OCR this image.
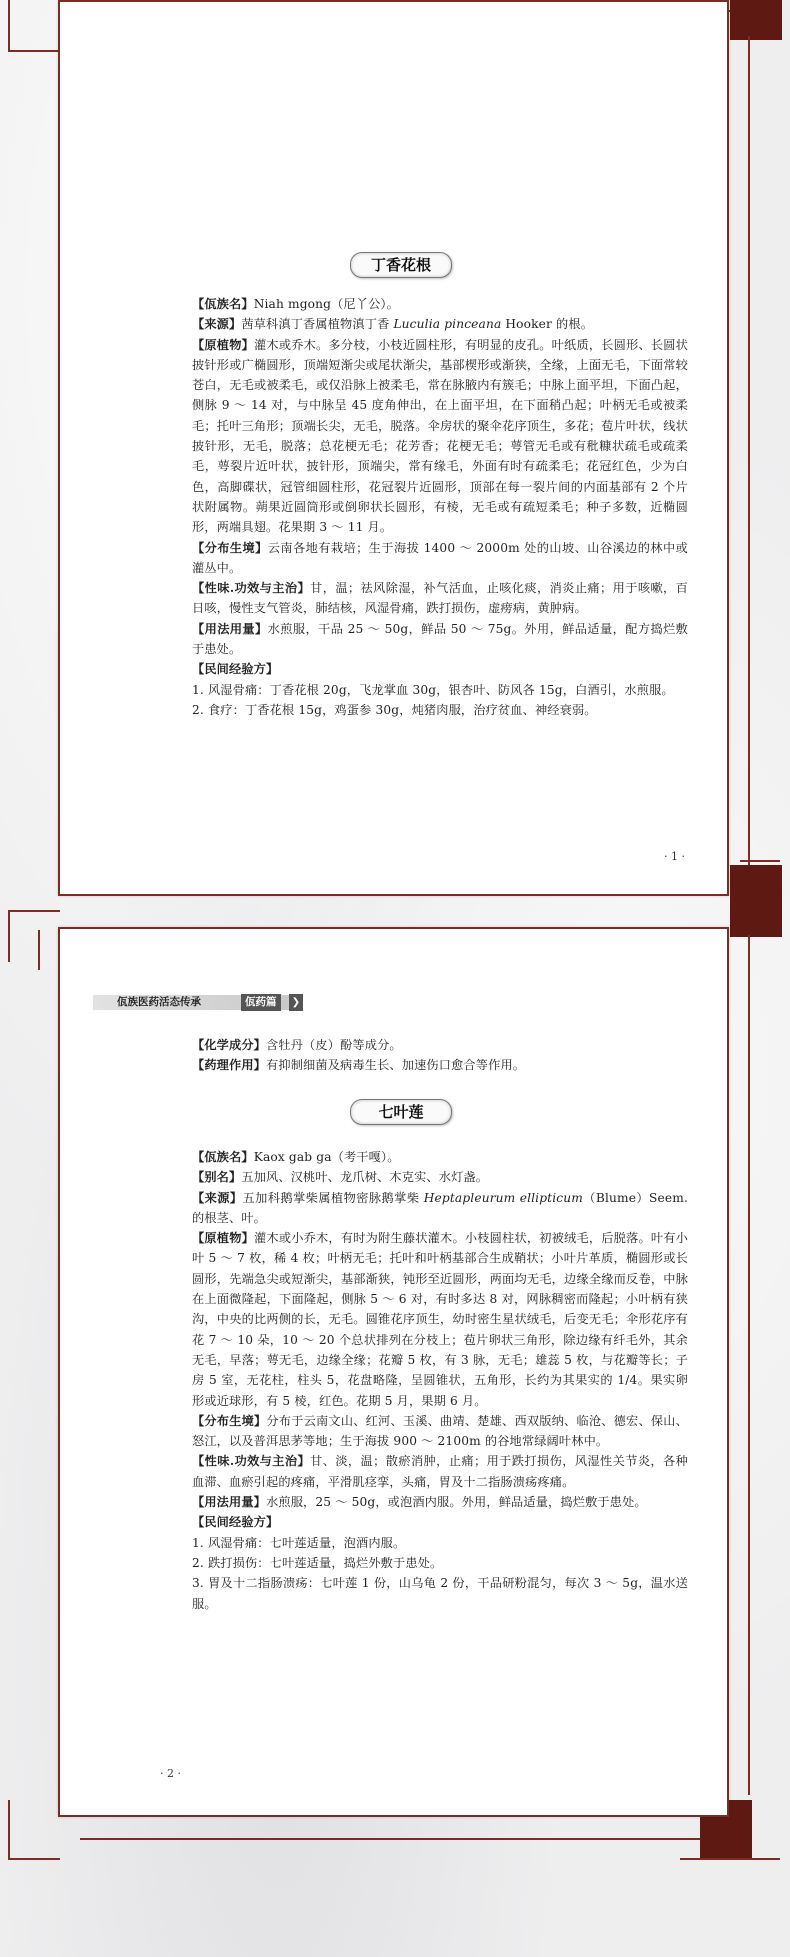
丁香花根

【佤族名】Niah mgong（尼丫公）。

【来源】茜草科滇丁香属植物滇丁香 Luculia pinceana Hooker 的根。

【原植物】灌木或乔木。多分枝，小枝近圆柱形，有明显的皮孔。叶纸质，长圆形、长圆状披针形或广椭圆形，顶端短渐尖或尾状渐尖，基部楔形或渐狭，全缘，上面无毛，下面常较苍白，无毛或被柔毛，或仅沿脉上被柔毛，常在脉腋内有簇毛；中脉上面平坦，下面凸起，侧脉 9 ～ 14 对，与中脉呈 45 度角伸出，在上面平坦，在下面稍凸起；叶柄无毛或被柔毛；托叶三角形；顶端长尖，无毛，脱落。伞房状的聚伞花序顶生，多花；苞片叶状，线状披针形，无毛，脱落；总花梗无毛；花芳香；花梗无毛；萼管无毛或有秕糠状疏毛或疏柔毛，萼裂片近叶状，披针形，顶端尖，常有缘毛，外面有时有疏柔毛；花冠红色，少为白色，高脚碟状，冠管细圆柱形，花冠裂片近圆形，顶部在每一裂片间的内面基部有 2 个片状附属物。蒴果近圆筒形或倒卵状长圆形，有棱，无毛或有疏短柔毛；种子多数，近椭圆形，两端具翅。花果期 3 ～ 11 月。

【分布生境】云南各地有栽培；生于海拔 1400 ～ 2000m 处的山坡、山谷溪边的林中或灌丛中。

【性味.功效与主治】甘，温；祛风除湿，补气活血，止咳化痰，消炎止痛；用于咳嗽，百日咳，慢性支气管炎，肺结核，风湿骨痛，跌打损伤，虚痨病，黄肿病。

【用法用量】水煎服，干品 25 ～ 50g，鲜品 50 ～ 75g。外用，鲜品适量，配方捣烂敷于患处。

【民间经验方】

1. 风湿骨痛：丁香花根 20g，飞龙掌血 30g，银杏叶、防风各 15g，白酒引，水煎服。

2. 食疗：丁香花根 15g，鸡蛋参 30g，炖猪肉服，治疗贫血、神经衰弱。

· 1 ·

【化学成分】含牡丹（皮）酚等成分。

【药理作用】有抑制细菌及病毒生长、加速伤口愈合等作用。

七叶莲

【佤族名】Kaox gab ga（考干嘎）。

【别名】五加风、汉桃叶、龙爪树、木克实、水灯盏。

【来源】五加科鹅掌柴属植物密脉鹅掌柴 Heptapleurum ellipticum（Blume）Seem. 的根茎、叶。

【原植物】灌木或小乔木，有时为附生藤状灌木。小枝圆柱状，初被绒毛，后脱落。叶有小叶 5 ～ 7 枚，稀 4 枚；叶柄无毛；托叶和叶柄基部合生成鞘状；小叶片革质，椭圆形或长圆形，先端急尖或短渐尖，基部渐狭，钝形至近圆形，两面均无毛，边缘全缘而反卷，中脉在上面微隆起，下面隆起，侧脉 5 ～ 6 对，有时多达 8 对，网脉稠密而隆起；小叶柄有狭沟，中央的比两侧的长，无毛。圆锥花序顶生，幼时密生星状绒毛，后变无毛；伞形花序有花 7 ～ 10 朵，10 ～ 20 个总状排列在分枝上；苞片卵状三角形，除边缘有纤毛外，其余无毛，早落；萼无毛，边缘全缘；花瓣 5 枚，有 3 脉，无毛；雄蕊 5 枚，与花瓣等长；子房 5 室，无花柱，柱头 5，花盘略隆，呈圆锥状，五角形，长约为其果实的 1/4。果实卵形或近球形，有 5 棱，红色。花期 5 月，果期 6 月。

【分布生境】分布于云南文山、红河、玉溪、曲靖、楚雄、西双版纳、临沧、德宏、保山、怒江，以及普洱思茅等地；生于海拔 900 ～ 2100m 的谷地常绿阔叶林中。

【性味.功效与主治】甘、淡，温；散瘀消肿，止痛；用于跌打损伤，风湿性关节炎，各种血滞、血瘀引起的疼痛，平滑肌痉挛，头痛，胃及十二指肠溃疡疼痛。

【用法用量】水煎服，25 ～ 50g，或泡酒内服。外用，鲜品适量，捣烂敷于患处。

【民间经验方】

1. 风湿骨痛：七叶莲适量，泡酒内服。

2. 跌打损伤：七叶莲适量，捣烂外敷于患处。

3. 胃及十二指肠溃疡：七叶莲 1 份，山乌龟 2 份，干品研粉混匀，每次 3 ～ 5g，温水送服。

· 2 ·
佤族医药活态传承	佤药篇	❯
